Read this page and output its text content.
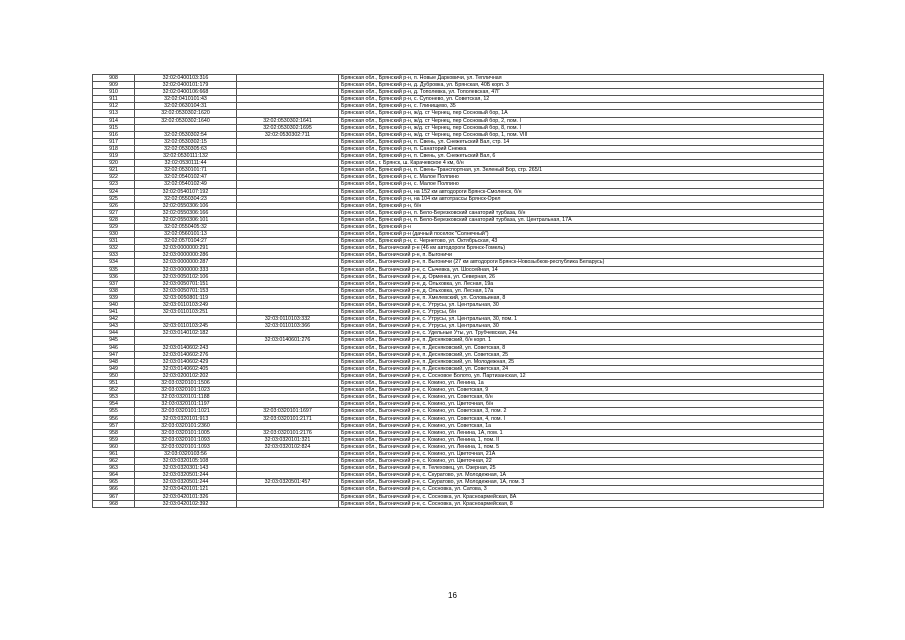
908	32:02:0400103:316		Брянская обл., Брянский р-н, п. Новые Дарковичи, ул. Тепличная
909	32:02:0400101:179		Брянская обл., Брянский р-н, д. Дубровка, ул. Брянская, 40Б корп. 3
910	32:02:0400106:668		Брянская обл., Брянский р-н, д. Тополевка, ул. Тополевская, 47Г
911	32:02:0410101:43		Брянская обл., Брянский р-н, с. Супонево, ул. Советская, 12
912	32:02:0630104:31		Брянская обл., Брянский р-н, с. Глинищево, 35
913	32:02:0530302:1620		Брянская обл., Брянский р-н, ж/д. ст Чернец, пер Сосновый бор, 1А
914	32:02:0530302:1640	32:02:0530302:1641	Брянская обл., Брянский р-н, ж/д. ст Чернец, пер Сосновый бор, 2, пом. I
915		32:02:0530302:1695	Брянская обл., Брянский р-н, ж/д. ст Чернец, пер Сосновый бор, 8, пом. I
916	32:02:0530302:54	32:02:0530302:711	Брянская обл., Брянский р-н, ж/д. ст Чернец, пер Сосновый бор, 1, пом. VIII
917	32:02:0530302:15		Брянская обл., Брянский р-н, п. Свень, ул. Снежетьский Вал, стр. 14
918	32:02:0530305:63		Брянская обл., Брянский р-н, п. Санаторий Снежка
919	32:02:0530111:132		Брянская обл., Брянский р-н, п. Свень, ул. Снежетьский Вал, 6
920	32:02:0530111:44		Брянская обл., г. Брянск, ш. Карачевское 4 км, б/н
921	32:02:0530101:71		Брянская обл., Брянский р-н, п. Свень-Транспортная, ул. Зеленый Бор, стр. 265/1
922	32:02:0540102:47		Брянская обл., Брянский р-н, с. Малое Полпино
923	32:02:0540102:49		Брянская обл., Брянский р-н, с. Малое Полпино
924	32:02:0540107:192		Брянская обл., Брянский р-н, на 152 км автодороги Брянск-Смоленск, б/н
925	32:02:0550304:23		Брянская обл., Брянский р-н, на 104 км автотрассы Брянск-Орел
926	32:02:0550306:106		Брянская обл., Брянский р-н, б/н
927	32:02:0550306:166		Брянская обл., Брянский р-н, п. Бело-Березковский санаторий турбаза, б/н
928	32:02:0550306:101		Брянская обл., Брянский р-н, п. Бело-Березковский санаторий турбаза, ул. Центральная, 17А
929	32:02:0550405:32		Брянская обл., Брянский р-н
930	32:02:0560101:13		Брянская обл., Брянский р-н (дачный поселок "Солнечный")
931	32:02:0570104:27		Брянская обл., Брянский р-н, с. Чернетово, ул. Октябрьская, 43
932	32:03:0000000:291		Брянская обл., Выгоничский р-н (46 км автодороги Брянск-Гомель)
933	32:03:0000000:286		Брянская обл., Выгоничский р-н, п. Выгоничи
934	32:03:0000000:287		Брянская обл., Выгоничский р-н, п. Выгоничи (27 км автодороги Брянск-Новозыбков-республика Беларусь)
935	32:03:0000000:333		Брянская обл., Выгоничский р-н, с. Сычевка, ул. Шоссейная, 14
936	32:03:0050102:106		Брянская обл., Выгоничский р-н, д. Орменка, ул. Северная, 26
937	32:03:0050701:151		Брянская обл., Выгоничский р-н, д. Ольховка, ул. Лесная, 19а
938	32:03:0050701:153		Брянская обл., Выгоничский р-н, д. Ольховка, ул. Лесная, 17а
939	32:03:0050801:119		Брянская обл., Выгоничский р-н, п. Хмелевский, ул. Соловьиная, 8
940	32:03:0110103:249		Брянская обл., Выгоничский р-н, с. Утрусы, ул. Центральная, 30
941	32:03:0110103:251		Брянская обл., Выгоничский р-н, с. Утрусы, б/н
942		32:03:0110103:332	Брянская обл., Выгоничский р-н, с. Утрусы, ул. Центральная, 30, пом. 1
943	32:03:0110103:245	32:03:0110103:366	Брянская обл., Выгоничский р-н, с. Утрусы, ул. Центральная, 30
944	32:03:0140102:182		Брянская обл., Выгоничский р-н, с. Удельные Уты, ул. Трубчевская, 24а
945		32:03:0140601:276	Брянская обл., Выгоничский р-н, п. Десняковский, б/н корп. 1
946	32:03:0140602:243		Брянская обл., Выгоничский р-н, п. Десняковский, ул. Советская, 8
947	32:03:0140602:276		Брянская обл., Выгоничский р-н, п. Десняковский, ул. Советская, 25
948	32:03:0140602:429		Брянская обл., Выгоничский р-н, п. Десняковский, ул. Молодежная, 25
949	32:03:0140602:405		Брянская обл., Выгоничский р-н, п. Десняковский, ул. Советская, 24
950	32:03:0200102:202		Брянская обл., Выгоничский р-н, с. Сосновое Болото, ул. Партизанская, 12
951	32:03:0320101:1506		Брянская обл., Выгоничский р-н, с. Кокино, ул. Ленина, 1а
952	32:03:0320101:1023		Брянская обл., Выгоничский р-н, с. Кокино, ул. Советская, 9
953	32:03:0320101:1188		Брянская обл., Выгоничский р-н, с. Кокино, ул. Советская, б/н
954	32:03:0320101:1197		Брянская обл., Выгоничский р-н, с. Кокино, ул. Цветочная, б/н
955	32:03:0320101:1021	32:03:0320101:1697	Брянская обл., Выгоничский р-н, с. Кокино, ул. Советская, 3, пом. 2
956	32:03:0320101:913	32:03:0320101:2171	Брянская обл., Выгоничский р-н, с. Кокино, ул. Советская, 4, пом. I
957	32:03:0320101:2360		Брянская обл., Выгоничский р-н, с. Кокино, ул. Советская, 1а
958	32:03:0320101:1005	32:03:0320101:2176	Брянская обл., Выгоничский р-н, с. Кокино, ул. Ленина, 1А, пом. 1
959	32:03:0320101:1093	32:03:0320101:321	Брянская обл., Выгоничский р-н, с. Кокино, ул. Ленина, 1, пом. II
960	32:03:0320101:1093	32:03:0320102:824	Брянская обл., Выгоничский р-н, с. Кокино, ул. Ленина, 1, пом. 5
961	32:03:0320103:56		Брянская обл., Выгоничский р-н, с. Кокино, ул. Цветочная, 21А
962	32:03:0320105:108		Брянская обл., Выгоничский р-н, с. Кокино, ул. Цветочная, 22
963	32:03:0320301:143		Брянская обл., Выгоничский р-н, п. Телеховец, ул. Озерная, 25
964	32:03:0320501:244		Брянская обл., Выгоничский р-н, с. Скуратово, ул. Молодежная, 1А
965	32:03:0320501:244	32:03:0320501:457	Брянская обл., Выгоничский р-н, с. Скуратово, ул. Молодежная, 1А, пом. 3
966	32:03:0420101:121		Брянская обл., Выгоничский р-н, с. Сосновка, ул. Сатова, 3
967	32:03:0420101:326		Брянская обл., Выгоничский р-н, с. Сосновка, ул. Красноармейская, 8А
968	32:03:0420102:392		Брянская обл., Выгоничский р-н, с. Сосновка, ул. Красноармейская, 8
16
